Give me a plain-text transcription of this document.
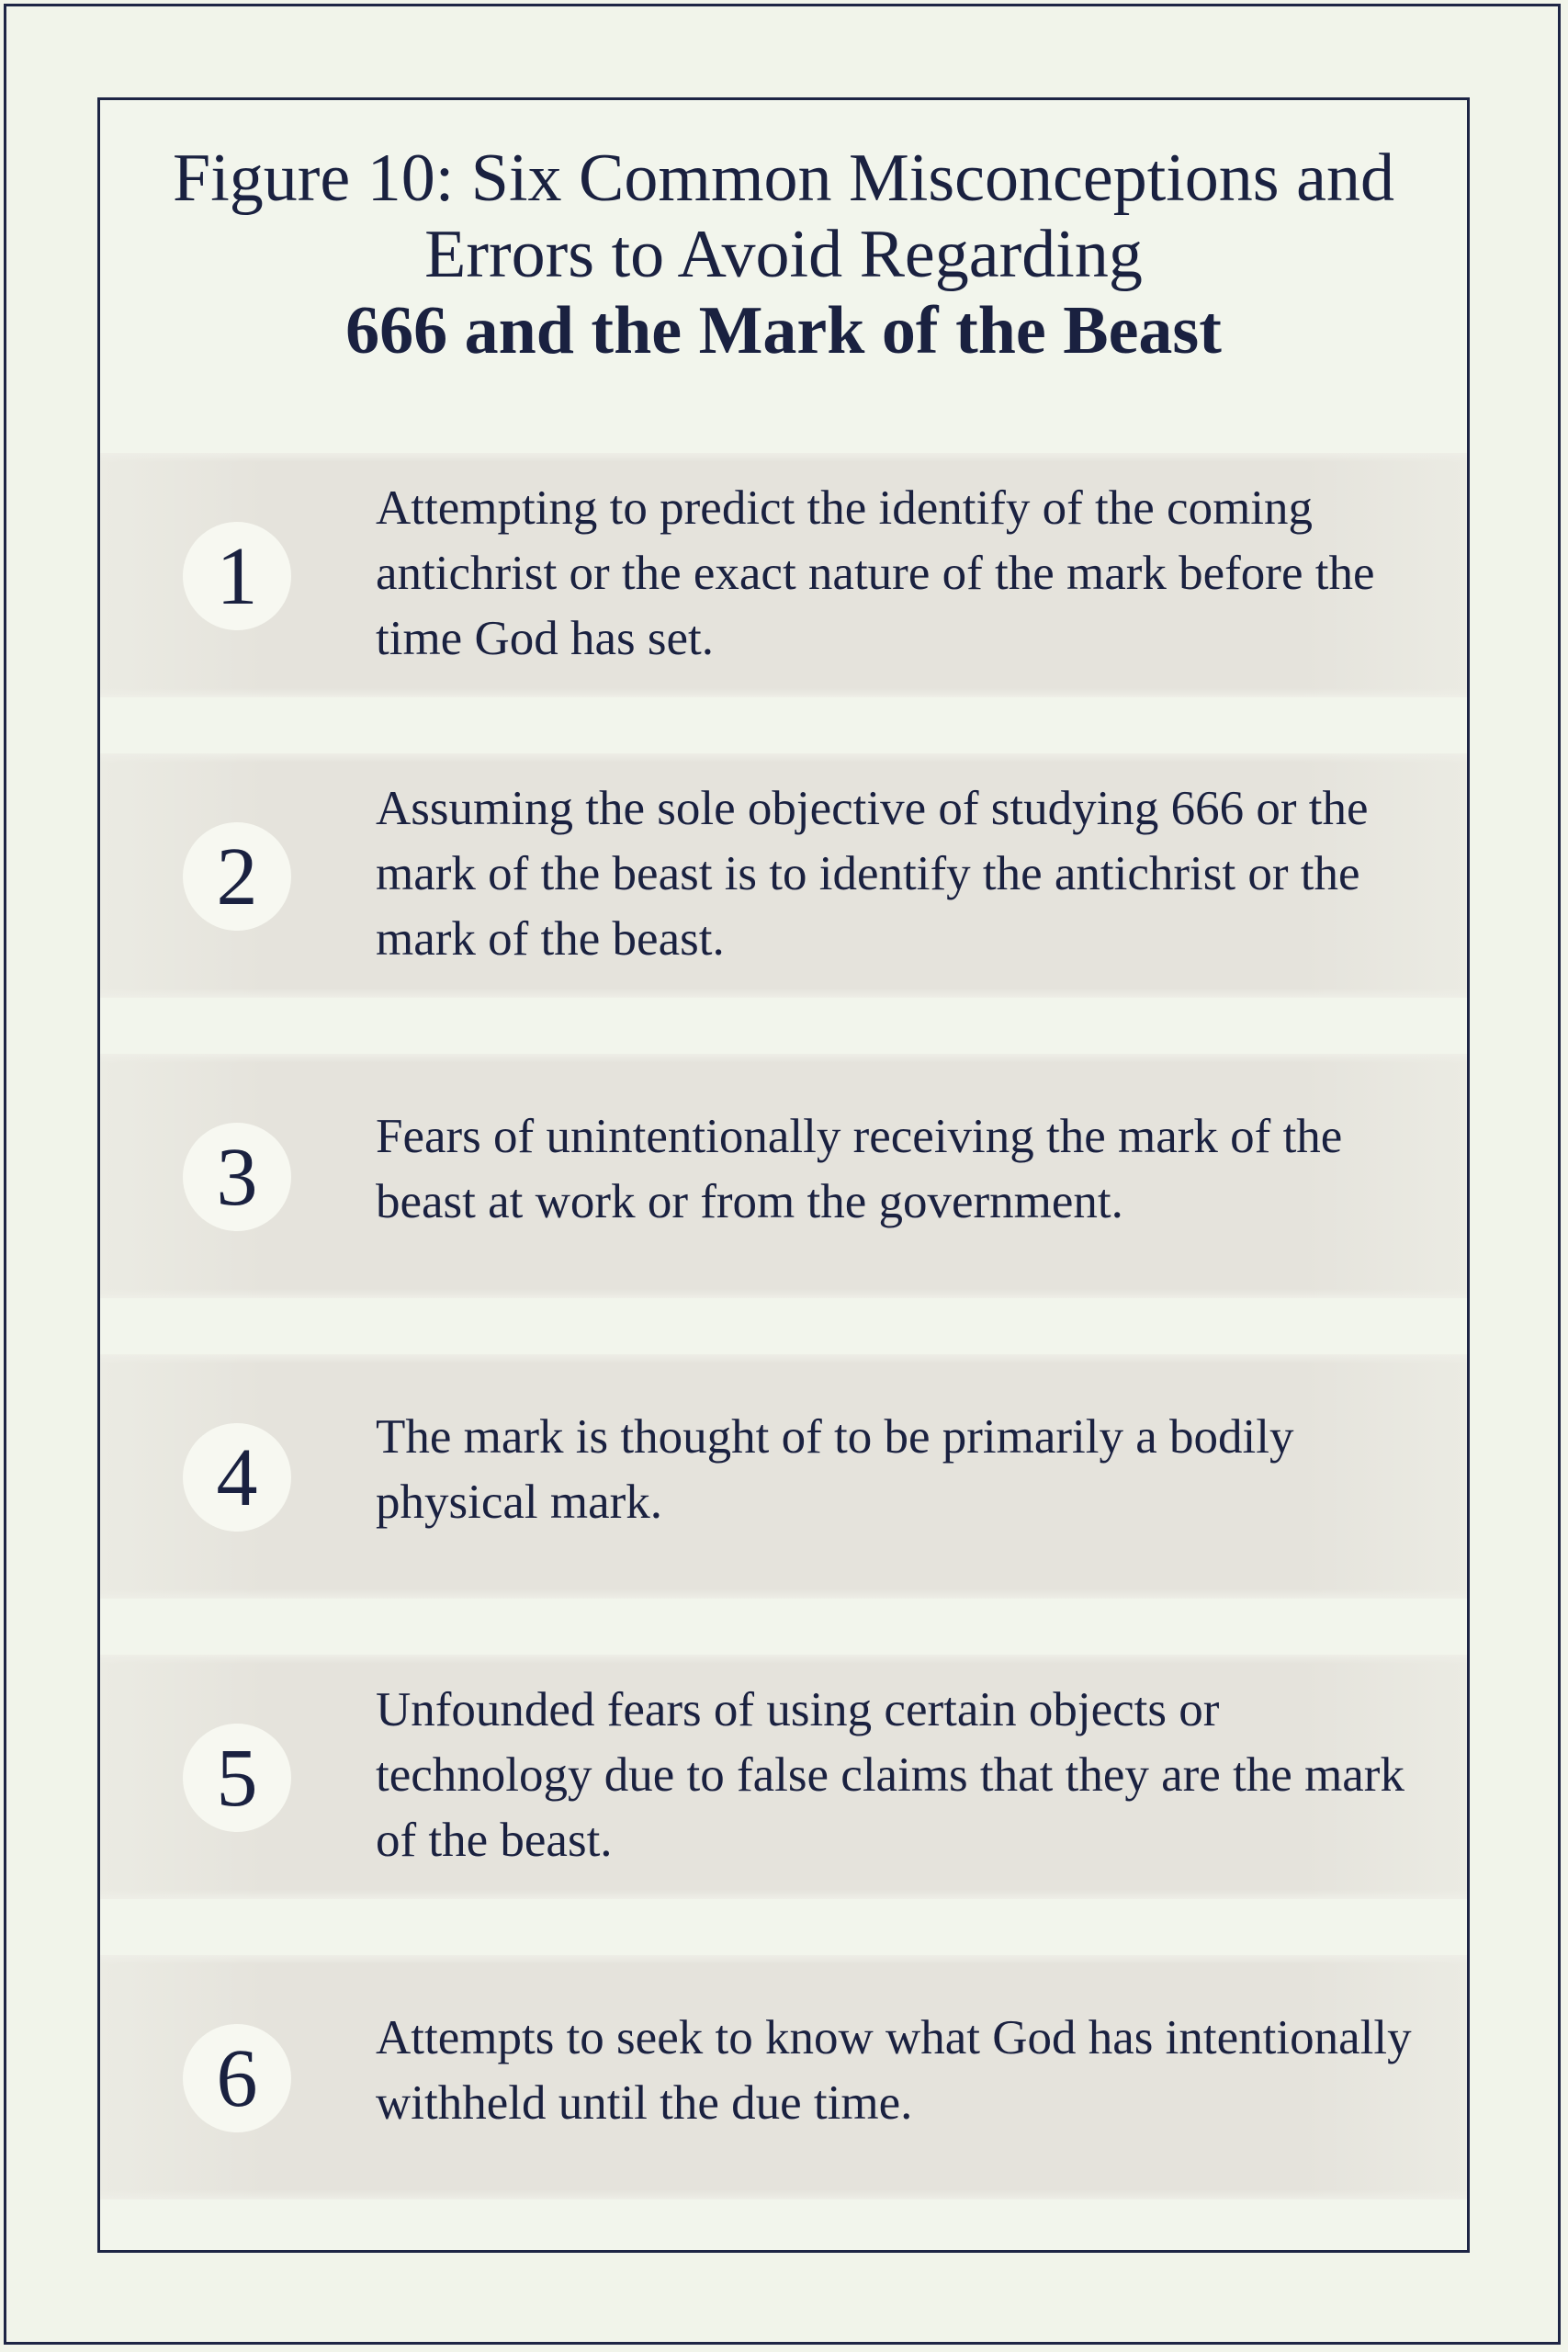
Figure 10: Six Common Misconceptions and
Errors to Avoid Regarding
666 and the Mark of the Beast
1
Attempting to predict the identify of the coming antichrist or the exact nature of the mark before the time God has set.
2
Assuming the sole objective of studying 666 or the mark of the beast is to identify the antichrist or the mark of the beast.
3	Fears of unintentionally receiving the mark of the beast at work or from the government.
4	The mark is thought of to be primarily a bodily physical mark.
5
Unfounded fears of using certain objects or technology due to false claims that they are the mark of the beast.
6	Attempts to seek to know what God has intentionally withheld until the due time.
